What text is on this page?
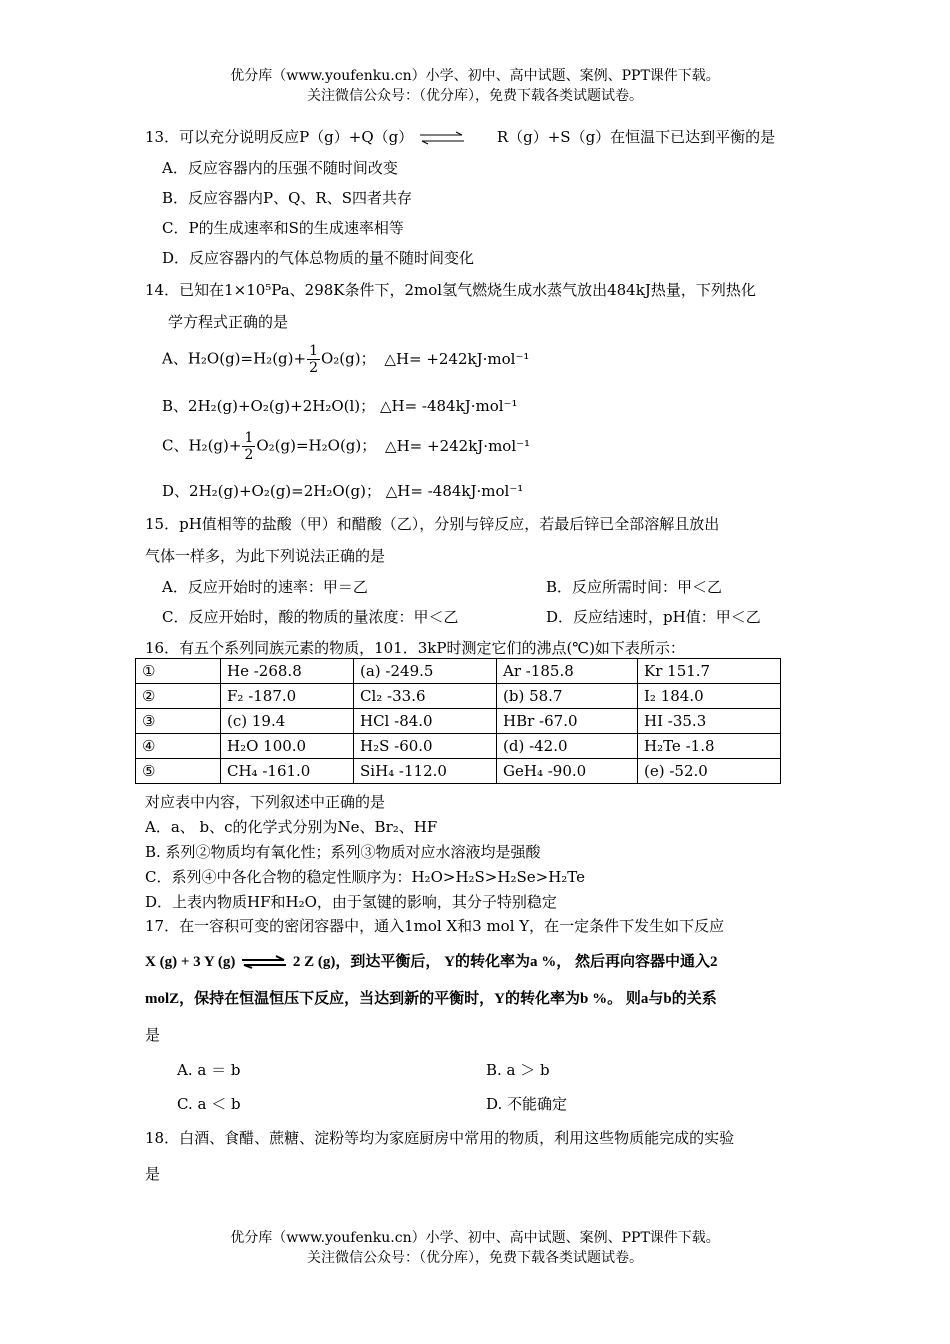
优分库（www.youfenku.cn）小学、初中、高中试题、案例、PPT课件下载。
关注微信公众号：（优分库），免费下载各类试题试卷。
13．可以充分说明反应P（g）+Q（g） ⇌ R（g）+S（g）在恒温下已达到平衡的是
A．反应容器内的压强不随时间改变
B．反应容器内P、Q、R、S四者共存
C．P的生成速率和S的生成速率相等
D．反应容器内的气体总物质的量不随时间变化
14．已知在1×10⁵Pa、298K条件下，2mol氢气燃烧生成水蒸气放出484kJ热量，下列热化
学方程式正确的是
A、$H_2O(g)=H_2(g)+ \frac{1}{2} O_2(g)$； △H= +242kJ·mol⁻¹
B、2H₂(g)+O₂(g)+2H₂O(l)； △H= -484kJ·mol⁻¹
C、$H_2(g)+ \frac{1}{2} O_2(g)=H_2O(g)$； △H= +242kJ·mol⁻¹
D、2H₂(g)+O₂(g)=2H₂O(g)； △H= -484kJ·mol⁻¹
15．pH值相等的盐酸（甲）和醋酸（乙），分别与锌反应，若最后锌已全部溶解且放出
气体一样多，为此下列说法正确的是
A．反应开始时的速率：甲＝乙	B．反应所需时间：甲＜乙
C．反应开始时，酸的物质的量浓度：甲＜乙	D．反应结速时，pH值：甲＜乙
16．有五个系列同族元素的物质，101．3kP时测定它们的沸点(℃)如下表所示：
①	He -268.8	(a) -249.5	Ar -185.8	Kr 151.7
②	F₂ -187.0	Cl₂ -33.6	(b) 58.7	I₂ 184.0
③	(c) 19.4	HCl -84.0	HBr -67.0	HI -35.3
④	H₂O 100.0	H₂S -60.0	(d) -42.0	H₂Te -1.8
⑤	CH₄ -161.0	SiH₄ -112.0	GeH₄ -90.0	(e) -52.0
对应表中内容，下列叙述中正确的是
A．a、 b、c的化学式分别为Ne、Br₂、HF
B. 系列②物质均有氧化性；系列③物质对应水溶液均是强酸
C．系列④中各化合物的稳定性顺序为：H₂O>H₂S>H₂Se>H₂Te
D．上表内物质HF和H₂O，由于氢键的影响，其分子特别稳定
17．在一容积可变的密闭容器中，通入1mol X和3 mol Y，在一定条件下发生如下反应
X (g) + 3 Y (g) ⇌ 2 Z (g)，到达平衡后， Y的转化率为a %， 然后再向容器中通入2
molZ，保持在恒温恒压下反应，当达到新的平衡时，Y的转化率为b %。 则a与b的关系
是
A. a ＝ b	B. a ＞ b
C. a ＜ b	D. 不能确定
18．白酒、食醋、蔗糖、淀粉等均为家庭厨房中常用的物质，利用这些物质能完成的实验
是
优分库（www.youfenku.cn）小学、初中、高中试题、案例、PPT课件下载。
关注微信公众号：（优分库），免费下载各类试题试卷。
